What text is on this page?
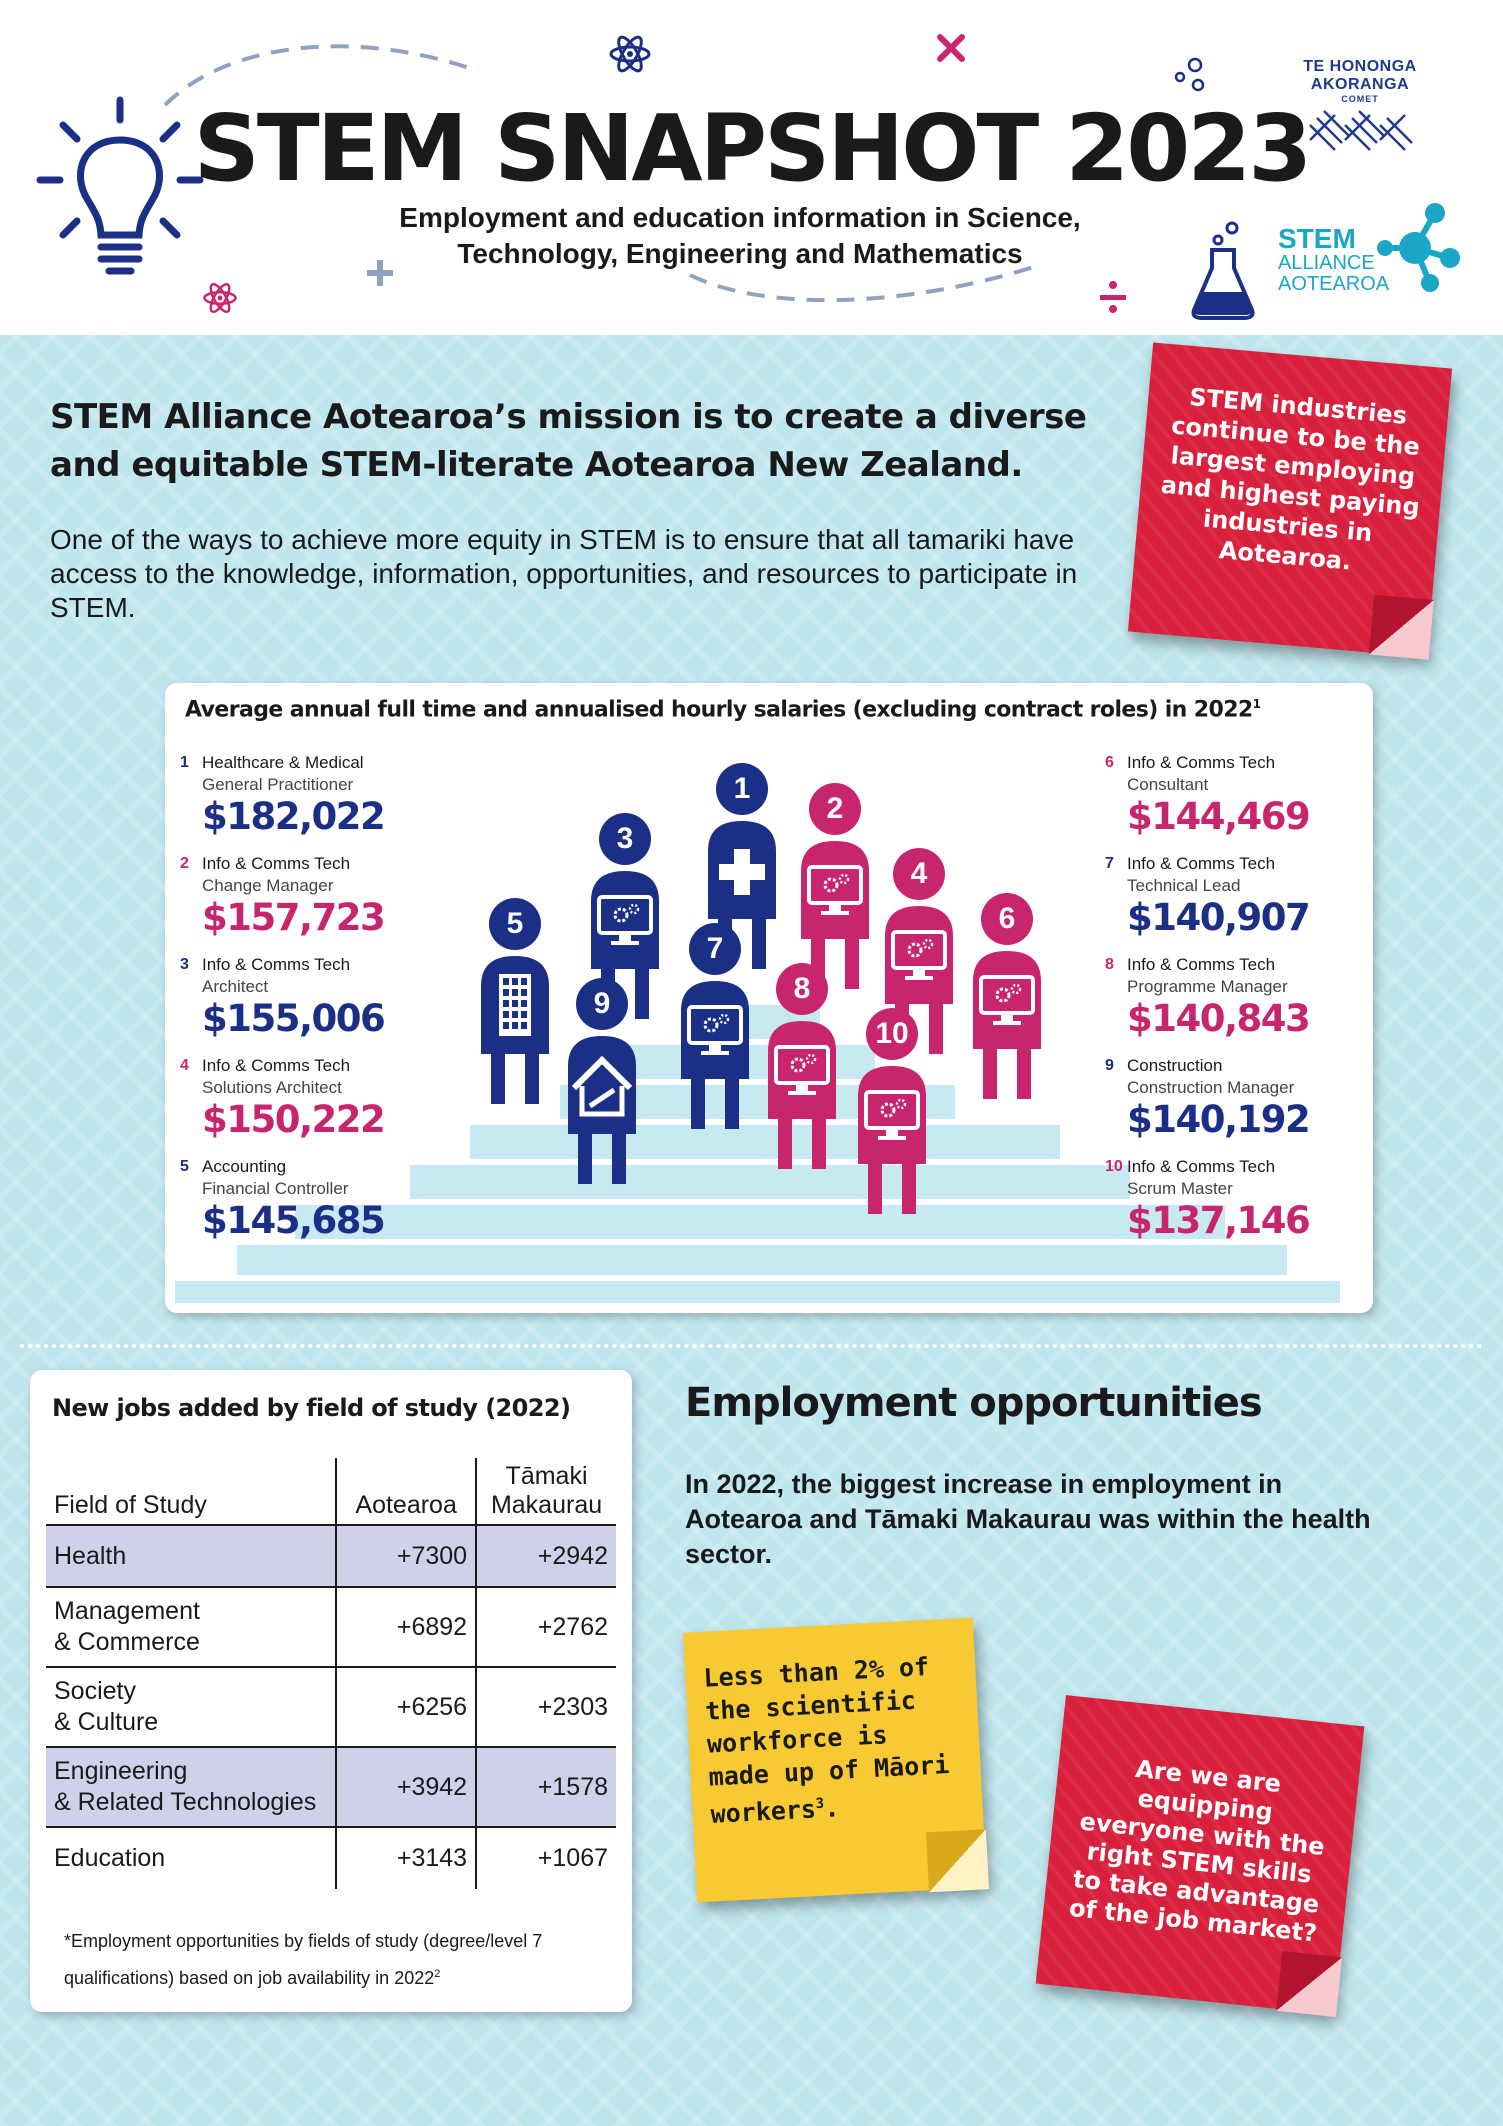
STEM SNAPSHOT 2023
Employment and education information in Science,
Technology, Engineering and Mathematics
TE HONONGA
AKORANGA
COMET
STEM
ALLIANCE
AOTEAROA
STEM Alliance Aotearoa’s mission is to create a diverse
and equitable STEM-literate Aotearoa New Zealand.
One of the ways to achieve more equity in STEM is to ensure that all tamariki have access to the knowledge, information, opportunities, and resources to participate in STEM.
STEM industries continue to be the largest employing and highest paying industries in Aotearoa.
Average annual full time and annualised hourly salaries (excluding contract roles) in 2022$^1$
1
2
3
4
5	6
7
8
9
10
1 Healthcare & Medical
General Practitioner
$182,022
2 Info & Comms Tech
Change Manager
$157,723
3 Info & Comms Tech
Architect
$155,006
4 Info & Comms Tech
Solutions Architect
$150,222
5 Accounting
Financial Controller
$145,685
6 Info & Comms Tech
Consultant
$144,469
7 Info & Comms Tech
Technical Lead
$140,907
8 Info & Comms Tech
Programme Manager
$140,843
9 Construction
Construction Manager
$140,192
10 Info & Comms Tech
Scrum Master
$137,146
New jobs added by field of study (2022)
Field of Study	Aotearoa	Tāmaki
Makaurau

Health	+7300	+2942

Management
& Commerce	+6892	+2762

Society
& Culture	+6256	+2303

Engineering
& Related Technologies	+3942	+1578

Education	+3143	+1067
*Employment opportunities by fields of study (degree/level 7
qualifications) based on job availability in 2022$^2$
Employment opportunities
In 2022, the biggest increase in employment in Aotearoa and Tāmaki Makaurau was within the health sector.
Less than 2% of the scientific workforce is made up of Māori workers$^3$.
Are we are equipping everyone with the right STEM skills to take advantage of the job market?
